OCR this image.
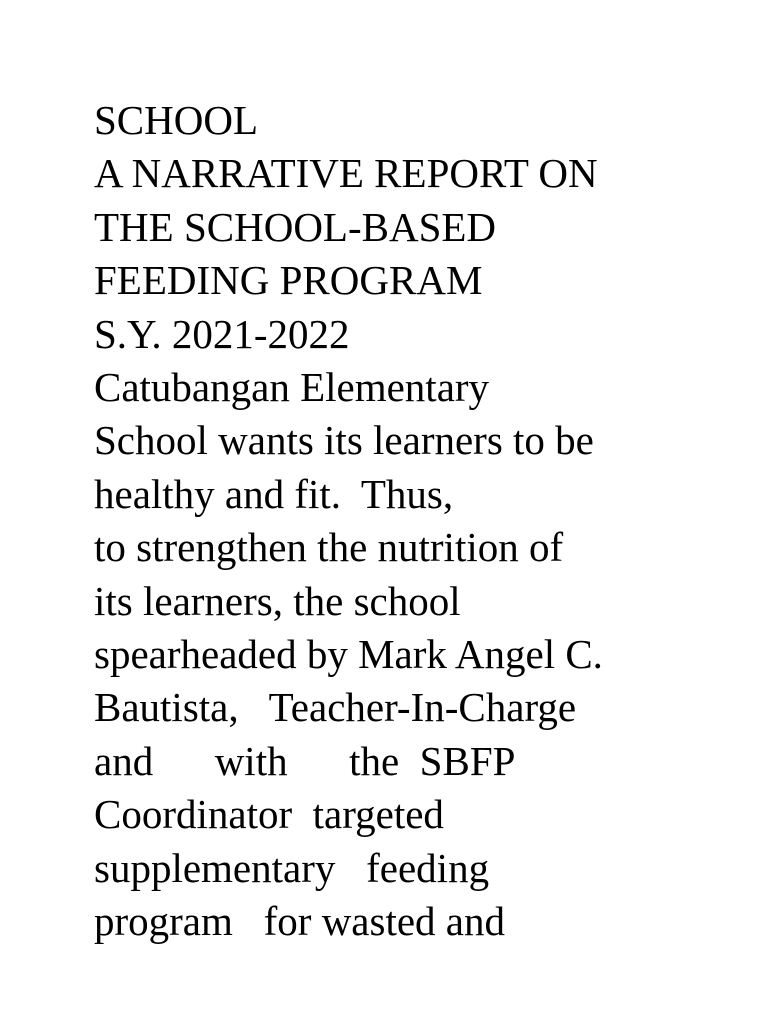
SCHOOL
A NARRATIVE REPORT ON
THE SCHOOL-BASED
FEEDING PROGRAM
S.Y. 2021-2022
Catubangan Elementary
School wants its learners to be
healthy and fit.  Thus,
to strengthen the nutrition of
its learners, the school
spearheaded by Mark Angel C.
Bautista,   Teacher-In-Charge
and      with      the  SBFP
Coordinator  targeted
supplementary   feeding
program   for wasted and
